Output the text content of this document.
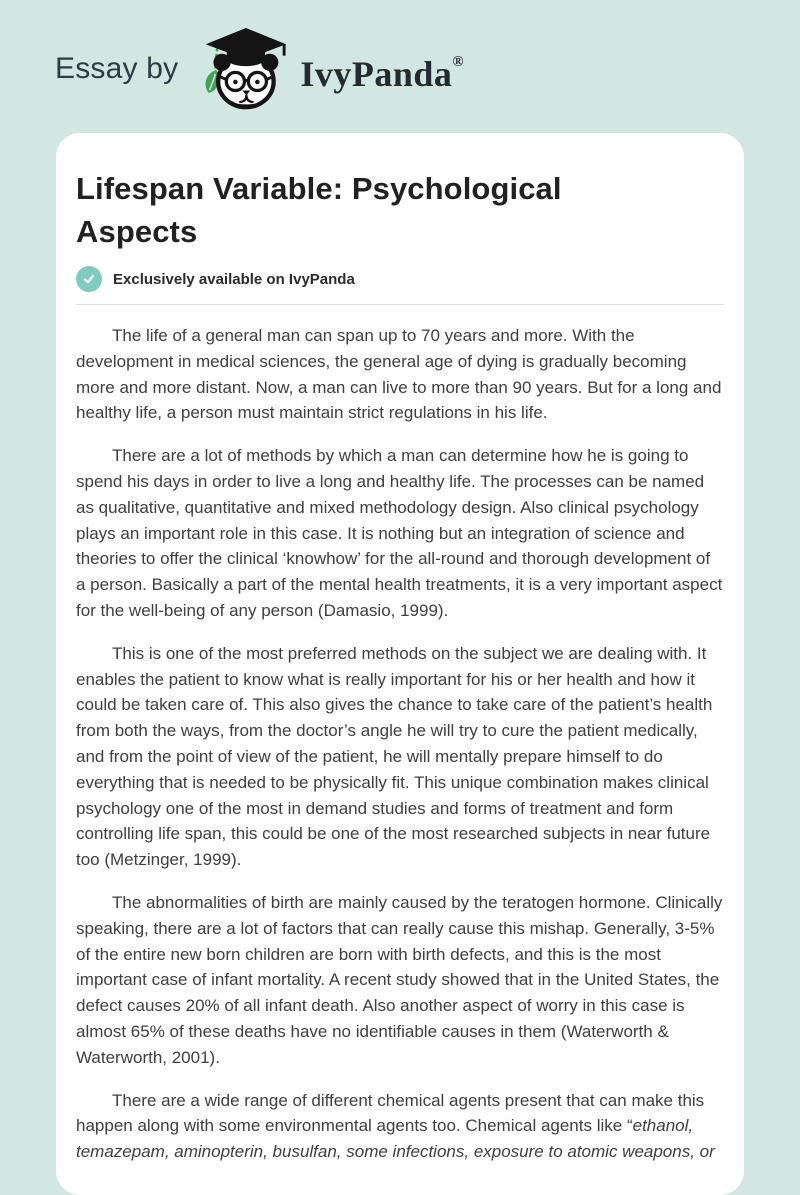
Essay by	IvyPanda ®
Lifespan Variable: Psychological Aspects
Exclusively available on IvyPanda

The life of a general man can span up to 70 years and more. With the development in medical sciences, the general age of dying is gradually becoming more and more distant. Now, a man can live to more than 90 years. But for a long and healthy life, a person must maintain strict regulations in his life.

There are a lot of methods by which a man can determine how he is going to spend his days in order to live a long and healthy life. The processes can be named as qualitative, quantitative and mixed methodology design. Also clinical psychology plays an important role in this case. It is nothing but an integration of science and theories to offer the clinical ‘knowhow’ for the all-round and thorough development of a person. Basically a part of the mental health treatments, it is a very important aspect for the well-being of any person (Damasio, 1999).

This is one of the most preferred methods on the subject we are dealing with. It enables the patient to know what is really important for his or her health and how it could be taken care of. This also gives the chance to take care of the patient’s health from both the ways, from the doctor’s angle he will try to cure the patient medically, and from the point of view of the patient, he will mentally prepare himself to do everything that is needed to be physically fit. This unique combination makes clinical psychology one of the most in demand studies and forms of treatment and form controlling life span, this could be one of the most researched subjects in near future too (Metzinger, 1999).

The abnormalities of birth are mainly caused by the teratogen hormone. Clinically speaking, there are a lot of factors that can really cause this mishap. Generally, 3-5% of the entire new born children are born with birth defects, and this is the most important case of infant mortality. A recent study showed that in the United States, the defect causes 20% of all infant death. Also another aspect of worry in this case is almost 65% of these deaths have no identifiable causes in them (Waterworth & Waterworth, 2001).

There are a wide range of different chemical agents present that can make this happen along with some environmental agents too. Chemical agents like “ethanol, temazepam, aminopterin, busulfan, some infections, exposure to atomic weapons, or
